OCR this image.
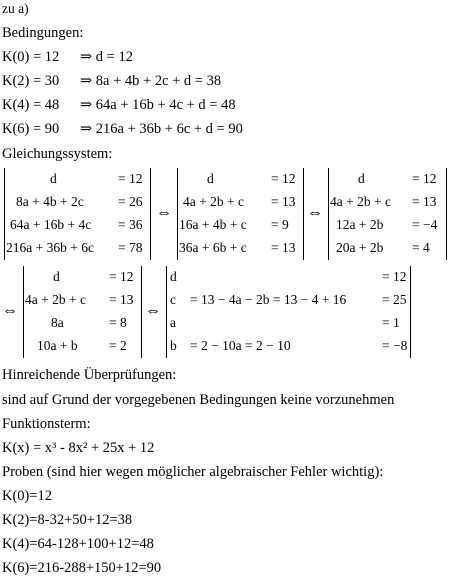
zu a)
Bedingungen:
K(0) = 12 ⇒ d = 12
K(2) = 30 ⇒ 8a + 4b + 2c + d = 38
K(4) = 48 ⇒ 64a + 16b + 4c + d = 48
K(6) = 90 ⇒ 216a + 36b + 6c + d = 90
Gleichungssystem:
d	= 12
8a + 4b + 2c	= 26
64a + 16b + 4c = 36
216a + 36b + 6c = 78
⇔
d	= 12
4a + 2b + c = 13
16a + 4b + c = 9
36a + 6b + c = 13
⇔
d	= 12
4a + 2b + c = 13
12a + 2b = −4
20a + 2b = 4
⇔
d	= 12
4a + 2b + c = 13
8a	= 8
10a + b = 2
⇔
d	= 12
c = 13 − 4a − 2b = 13 − 4 + 16	= 25
a	= 1
b = 2 − 10a = 2 − 10	= −8
Hinreichende Überprüfungen:
sind auf Grund der vorgegebenen Bedingungen keine vorzunehmen
Funktionsterm:
K(x) = x³ - 8x² + 25x + 12
Proben (sind hier wegen möglicher algebraischer Fehler wichtig):
K(0)=12
K(2)=8-32+50+12=38
K(4)=64-128+100+12=48
K(6)=216-288+150+12=90
